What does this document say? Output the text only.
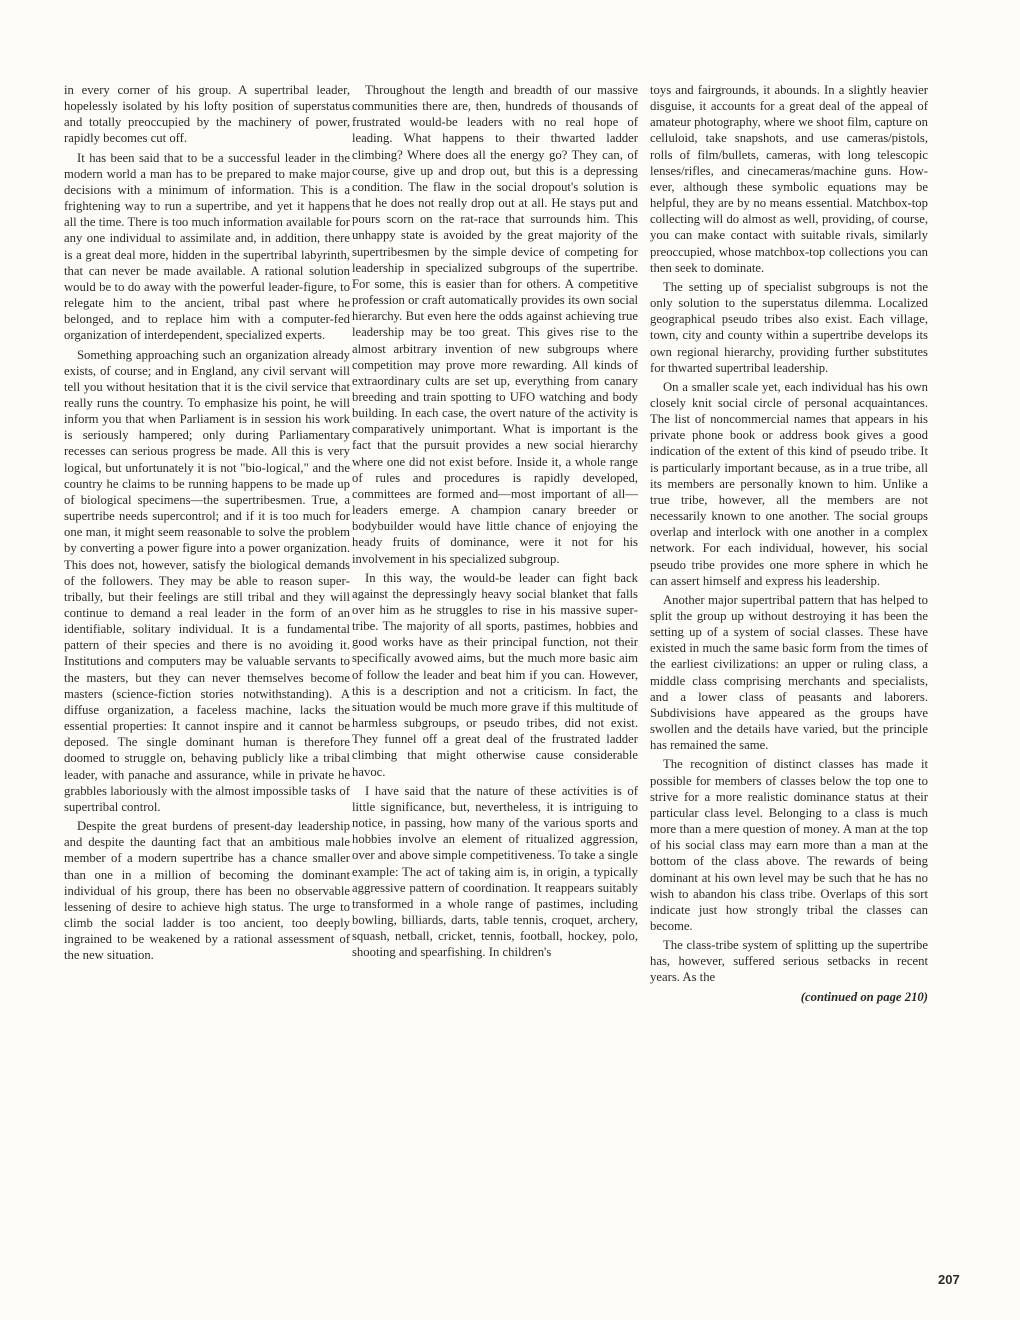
in every corner of his group. A supertribal leader, hopelessly isolated by his lofty position of superstatus and totally preoccupied by the machinery of power, rapidly becomes cut off.

It has been said that to be a successful leader in the modern world a man has to be prepared to make major decisions with a minimum of information. This is a frightening way to run a supertribe, and yet it happens all the time. There is too much information available for any one individual to assimilate and, in addition, there is a great deal more, hidden in the supertribal labyrinth, that can never be made available. A rational solution would be to do away with the powerful leader-figure, to relegate him to the ancient, tribal past where he belonged, and to replace him with a computer-fed organization of interdependent, specialized experts.

Something approaching such an organization already exists, of course; and in England, any civil servant will tell you without hesitation that it is the civil service that really runs the country. To emphasize his point, he will inform you that when Parliament is in session his work is seriously hampered; only during Parliamentary recesses can serious progress be made. All this is very logical, but unfortunately it is not "bio-logical," and the country he claims to be running happens to be made up of biological specimens—the supertribesmen. True, a supertribe needs supercontrol; and if it is too much for one man, it might seem reasonable to solve the problem by converting a power figure into a power organization. This does not, however, satisfy the biological demands of the followers. They may be able to reason supertribally, but their feelings are still tribal and they will continue to demand a real leader in the form of an identifiable, solitary individual. It is a fundamental pattern of their species and there is no avoiding it. Institutions and computers may be valuable servants to the masters, but they can never themselves become masters (science-fiction stories notwithstanding). A diffuse organization, a faceless machine, lacks the essential properties: It cannot inspire and it cannot be deposed. The single dominant human is therefore doomed to struggle on, behaving publicly like a tribal leader, with panache and assurance, while in private he grabbles laboriously with the almost impossible tasks of supertribal control.

Despite the great burdens of present-day leadership and despite the daunting fact that an ambitious male member of a modern supertribe has a chance smaller than one in a million of becoming the dominant individual of his group, there has been no observable lessening of desire to achieve high status. The urge to climb the social ladder is too ancient, too deeply ingrained to be weakened by a rational assessment of the new situation.

Throughout the length and breadth of our massive communities there are, then, hundreds of thousands of frustrated would-be leaders with no real hope of leading. What happens to their thwarted ladder climbing? Where does all the energy go? They can, of course, give up and drop out, but this is a depressing condition. The flaw in the social dropout's solution is that he does not really drop out at all. He stays put and pours scorn on the rat-race that surrounds him. This unhappy state is avoided by the great majority of the supertribesmen by the simple device of competing for leadership in specialized subgroups of the supertribe. For some, this is easier than for others. A competitive profession or craft automatically provides its own social hierarchy. But even here the odds against achieving true leadership may be too great. This gives rise to the almost arbitrary invention of new subgroups where competition may prove more rewarding. All kinds of extraordinary cults are set up, everything from canary breeding and train spotting to UFO watching and body building. In each case, the overt nature of the activity is comparatively unimportant. What is important is the fact that the pursuit provides a new social hierarchy where one did not exist before. Inside it, a whole range of rules and procedures is rapidly developed, committees are formed and—most important of all—leaders emerge. A champion canary breeder or bodybuilder would have little chance of enjoying the heady fruits of dominance, were it not for his involvement in his specialized subgroup.

In this way, the would-be leader can fight back against the depressingly heavy social blanket that falls over him as he struggles to rise in his massive supertribe. The majority of all sports, pastimes, hobbies and good works have as their principal function, not their specifically avowed aims, but the much more basic aim of follow the leader and beat him if you can. However, this is a description and not a criticism. In fact, the situation would be much more grave if this multitude of harmless subgroups, or pseudo tribes, did not exist. They funnel off a great deal of the frustrated ladder climbing that might otherwise cause considerable havoc.

I have said that the nature of these activities is of little significance, but, nevertheless, it is intriguing to notice, in passing, how many of the various sports and hobbies involve an element of ritualized aggression, over and above simple competitiveness. To take a single example: The act of taking aim is, in origin, a typically aggressive pattern of coordination. It reappears suitably transformed in a whole range of pastimes, including bowling, billiards, darts, table tennis, croquet, archery, squash, netball, cricket, tennis, football, hockey, polo, shooting and spearfishing. In children's

toys and fairgrounds, it abounds. In a slightly heavier disguise, it accounts for a great deal of the appeal of amateur photography, where we shoot film, capture on celluloid, take snapshots, and use cameras/pistols, rolls of film/bullets, cameras, with long telescopic lenses/rifles, and cinecameras/machine guns. However, although these symbolic equations may be helpful, they are by no means essential. Matchbox-top collecting will do almost as well, providing, of course, you can make contact with suitable rivals, similarly preoccupied, whose matchbox-top collections you can then seek to dominate.

The setting up of specialist subgroups is not the only solution to the superstatus dilemma. Localized geographical pseudo tribes also exist. Each village, town, city and county within a supertribe develops its own regional hierarchy, providing further substitutes for thwarted supertribal leadership.

On a smaller scale yet, each individual has his own closely knit social circle of personal acquaintances. The list of noncommercial names that appears in his private phone book or address book gives a good indication of the extent of this kind of pseudo tribe. It is particularly important because, as in a true tribe, all its members are personally known to him. Unlike a true tribe, however, all the members are not necessarily known to one another. The social groups overlap and interlock with one another in a complex network. For each individual, however, his social pseudo tribe provides one more sphere in which he can assert himself and express his leadership.

Another major supertribal pattern that has helped to split the group up without destroying it has been the setting up of a system of social classes. These have existed in much the same basic form from the times of the earliest civilizations: an upper or ruling class, a middle class comprising merchants and specialists, and a lower class of peasants and laborers. Subdivisions have appeared as the groups have swollen and the details have varied, but the principle has remained the same.

The recognition of distinct classes has made it possible for members of classes below the top one to strive for a more realistic dominance status at their particular class level. Belonging to a class is much more than a mere question of money. A man at the top of his social class may earn more than a man at the bottom of the class above. The rewards of being dominant at his own level may be such that he has no wish to abandon his class tribe. Overlaps of this sort indicate just how strongly tribal the classes can become.

The class-tribe system of splitting up the supertribe has, however, suffered serious setbacks in recent years. As the

(continued on page 210)
207
